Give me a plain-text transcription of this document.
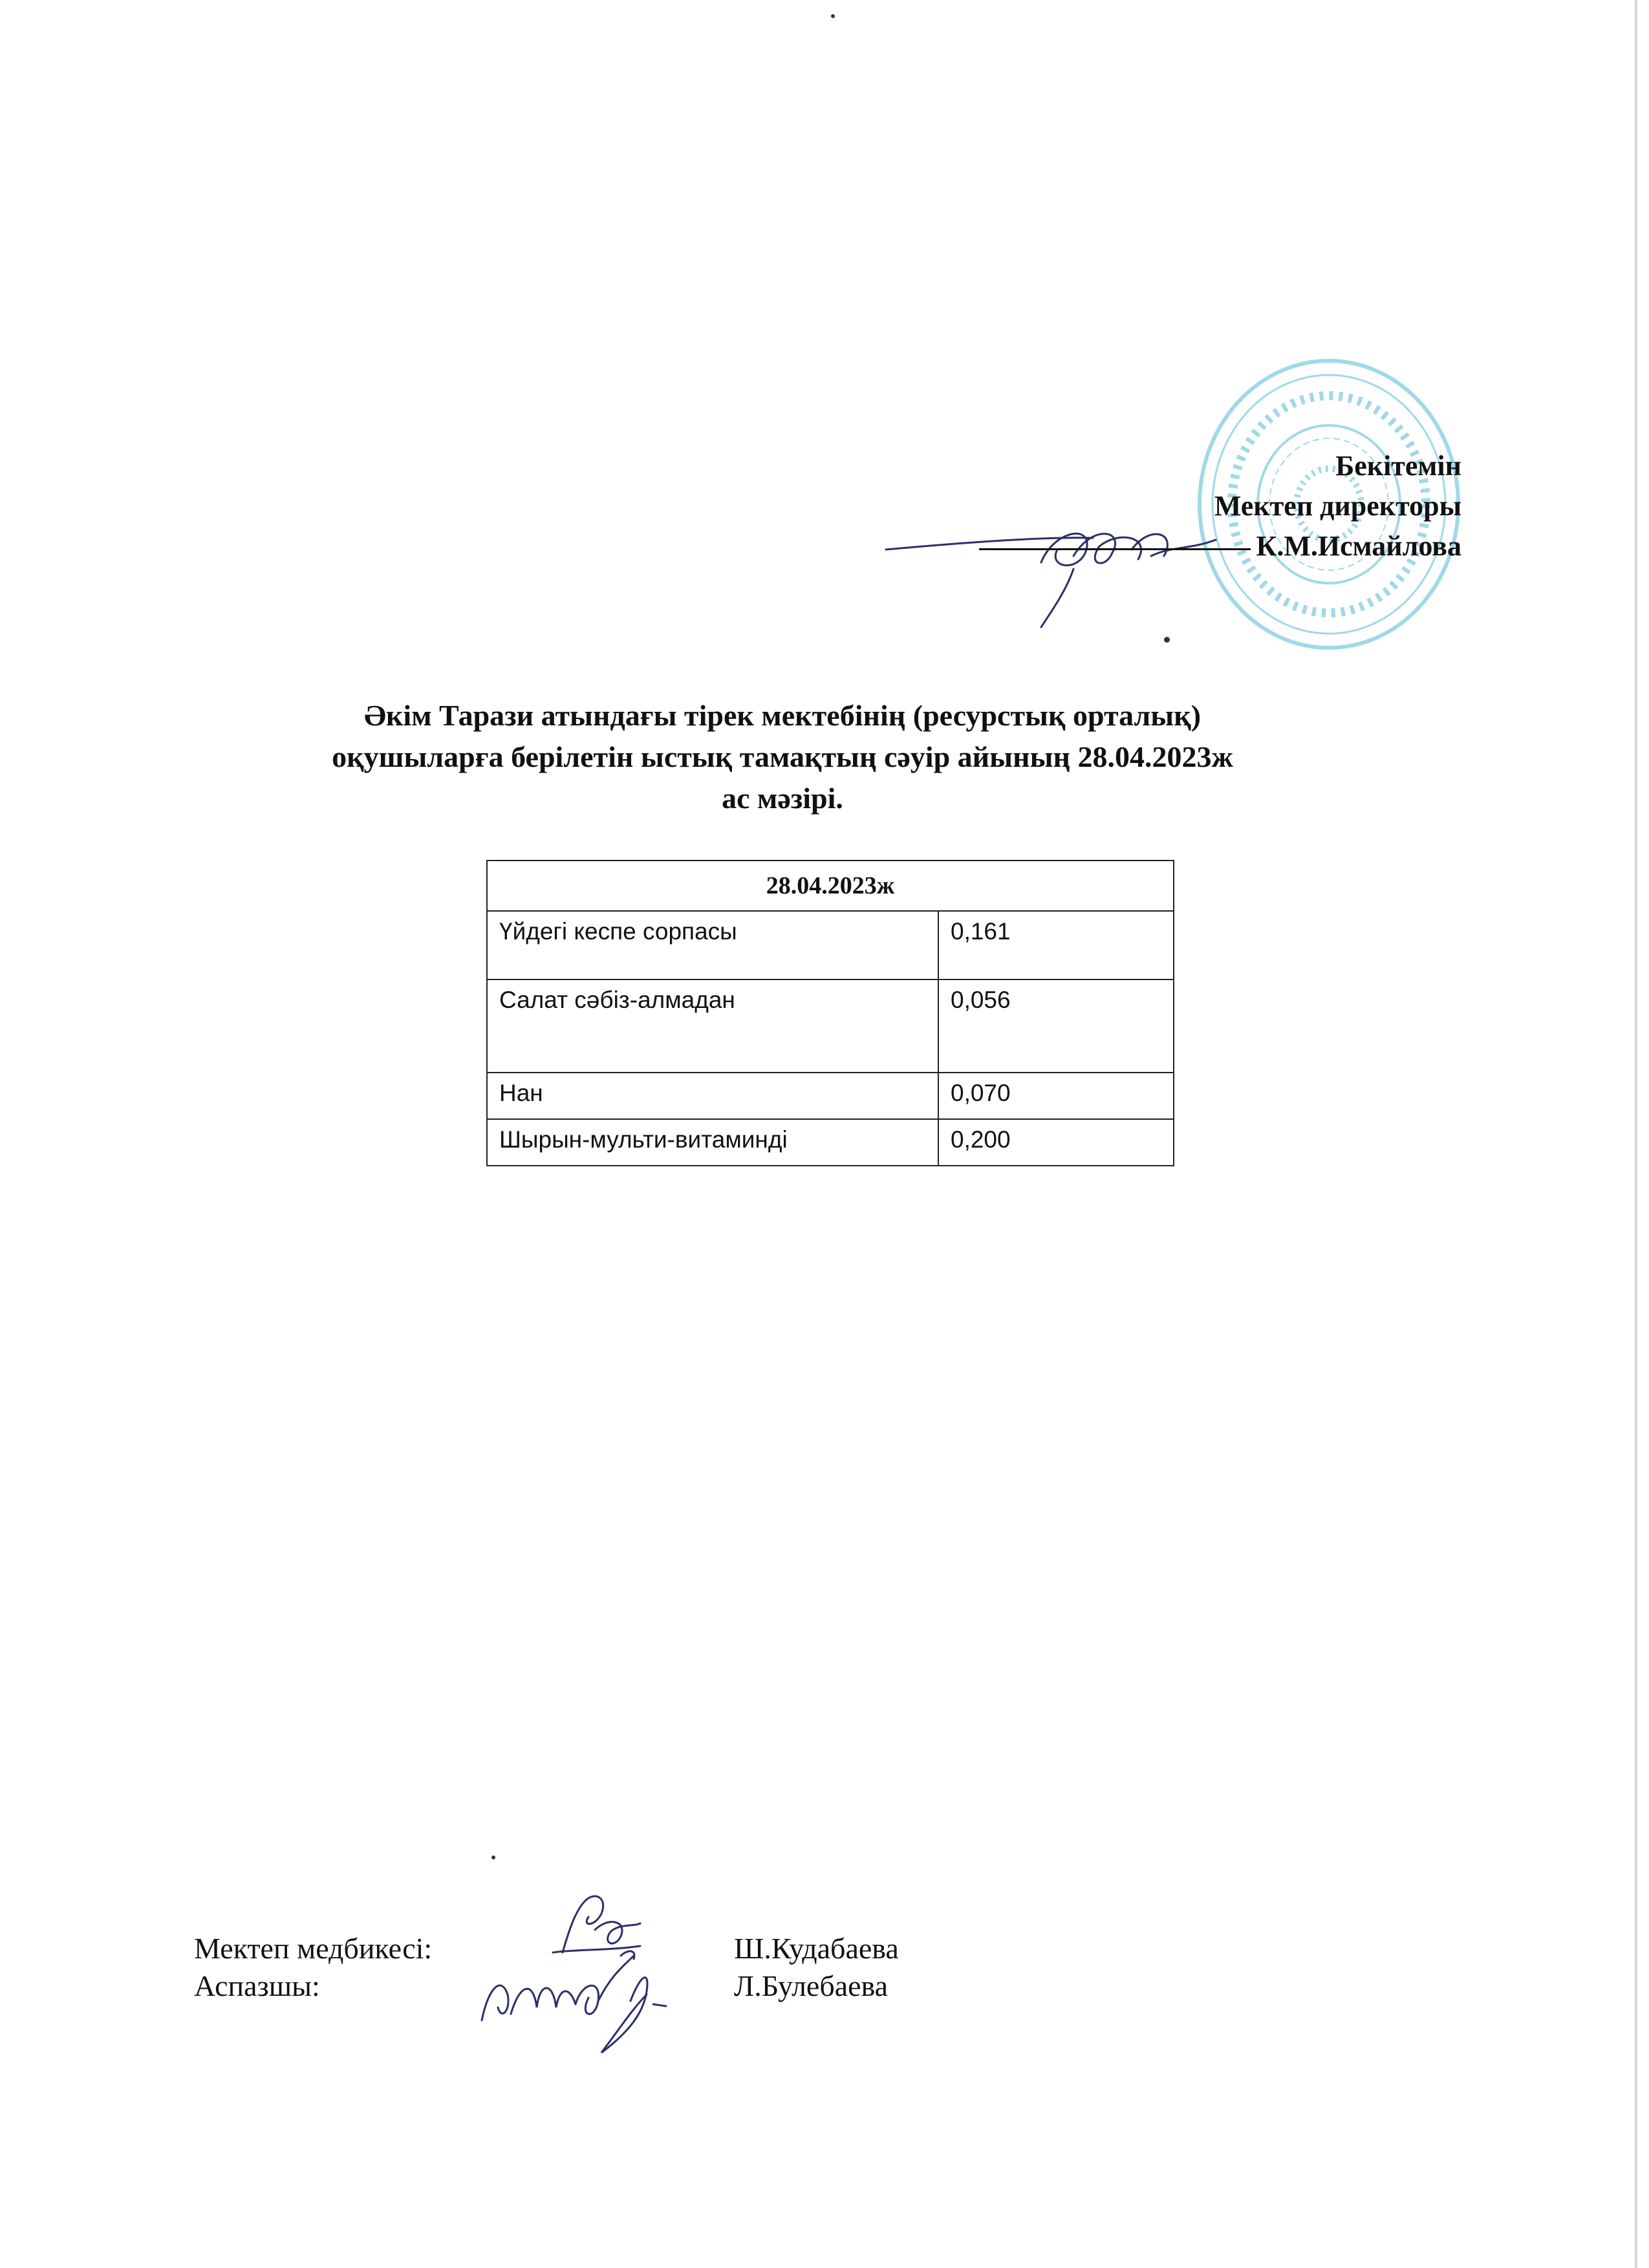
Бекітемін
Мектеп директоры
К.М.Исмайлова
Әкім Тарази атындағы тірек мектебінің (ресурстық орталық)
оқушыларға берілетін ыстық тамақтың сәуір айының 28.04.2023ж
ас мәзірі.
28.04.2023ж	
Үйдегі кеспе сорпасы	0,161
Салат сәбіз-алмадан	0,056
Нан	0,070
Шырын-мульти-витаминді	0,200
Мектеп медбикесі:	Ш.Кудабаева
Аспазшы:	Л.Булебаева
